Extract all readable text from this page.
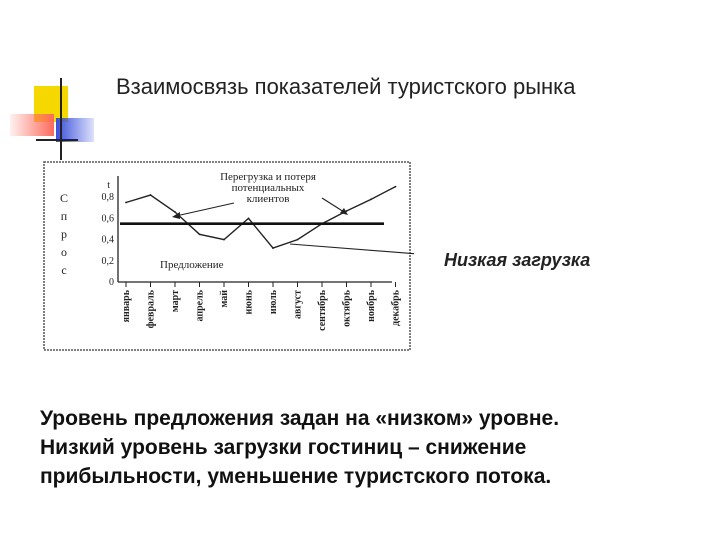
Взаимосвязь показателей туристского рынка
0
0,2
0,4
0,6
0,8
t
С
п
р
о
с
январь февраль март апрель май июнь июль август сентябрь октябрь ноябрь декабрь
Перегрузка и потеря
потенциальных
клиентов
Предложение	Низкая загрузка
Уровень предложения задан на «низком» уровне.
Низкий уровень загрузки гостиниц – снижение
прибыльности, уменьшение туристского потока.
